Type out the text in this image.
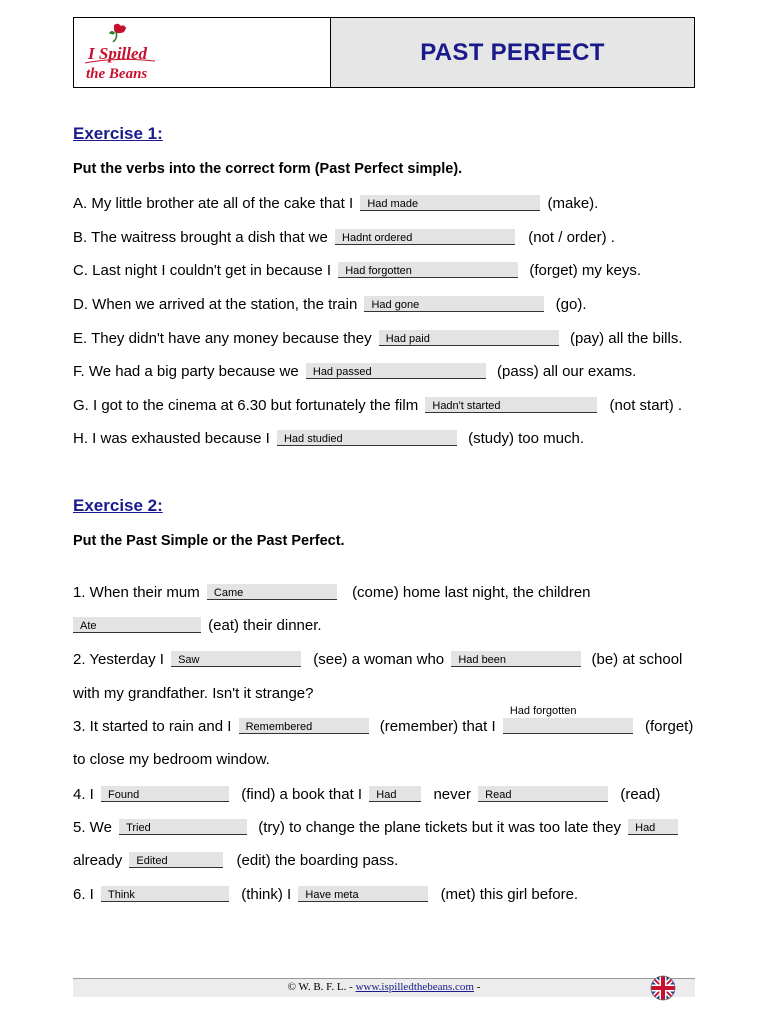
I Spilled
the Beans
PAST PERFECT
Exercise 1:
Put the verbs into the correct form (Past Perfect simple).
A. My little brother ate all of the cake that I Had made	(make).
B. The waitress brought a dish that we Hadnt ordered	(not / order) .
C. Last night I couldn't get in because I Had forgotten	(forget) my keys.
D. When we arrived at the station, the train Had gone	(go).
E. They didn't have any money because they Had paid	(pay) all the bills.
F. We had a big party because we Had passed	(pass) all our exams.
G. I got to the cinema at 6.30 but fortunately the film Hadn't started	(not start) .
H. I was exhausted because I Had studied	(study) too much.
Exercise 2:
Put the Past Simple or the Past Perfect.
1. When their mum Came	(come) home last night, the children
Ate	(eat) their dinner.
2. Yesterday I Saw	(see) a woman who Had been	(be) at school
with my grandfather. Isn't it strange?
3. It started to rain and I Remembered	(remember) that I
Had forgotten
(forget)
to close my bedroom window.
4. I Found	(find) a book that I Had never Read	(read)
5. We Tried	(try) to change the plane tickets but it was too late they Had
already Edited	(edit) the boarding pass.
6. I Think	(think) I Have meta	(met) this girl before.
© W. B. F. L. - www.ispilledthebeans.com -
